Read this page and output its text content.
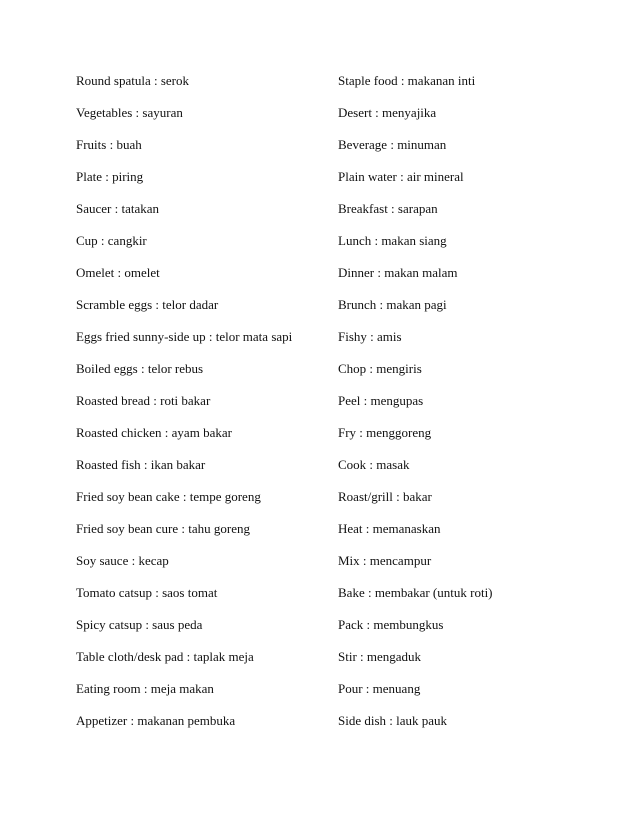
Round spatula : serok	Staple food : makanan inti
Vegetables : sayuran	Desert : menyajika
Fruits : buah	Beverage : minuman
Plate : piring	Plain water : air mineral
Saucer : tatakan	Breakfast : sarapan
Cup : cangkir	Lunch : makan siang
Omelet : omelet	Dinner : makan malam
Scramble eggs : telor dadar	Brunch : makan pagi
Eggs fried sunny-side up : telor mata sapi	Fishy : amis
Boiled eggs : telor rebus	Chop : mengiris
Roasted bread : roti bakar	Peel : mengupas
Roasted chicken : ayam bakar	Fry : menggoreng
Roasted fish : ikan bakar	Cook : masak
Fried soy bean cake : tempe goreng	Roast/grill : bakar
Fried soy bean cure : tahu goreng	Heat : memanaskan
Soy sauce : kecap	Mix : mencampur
Tomato catsup : saos tomat	Bake : membakar (untuk roti)
Spicy catsup : saus peda	Pack : membungkus
Table cloth/desk pad : taplak meja	Stir : mengaduk
Eating room : meja makan	Pour : menuang
Appetizer : makanan pembuka	Side dish : lauk pauk
